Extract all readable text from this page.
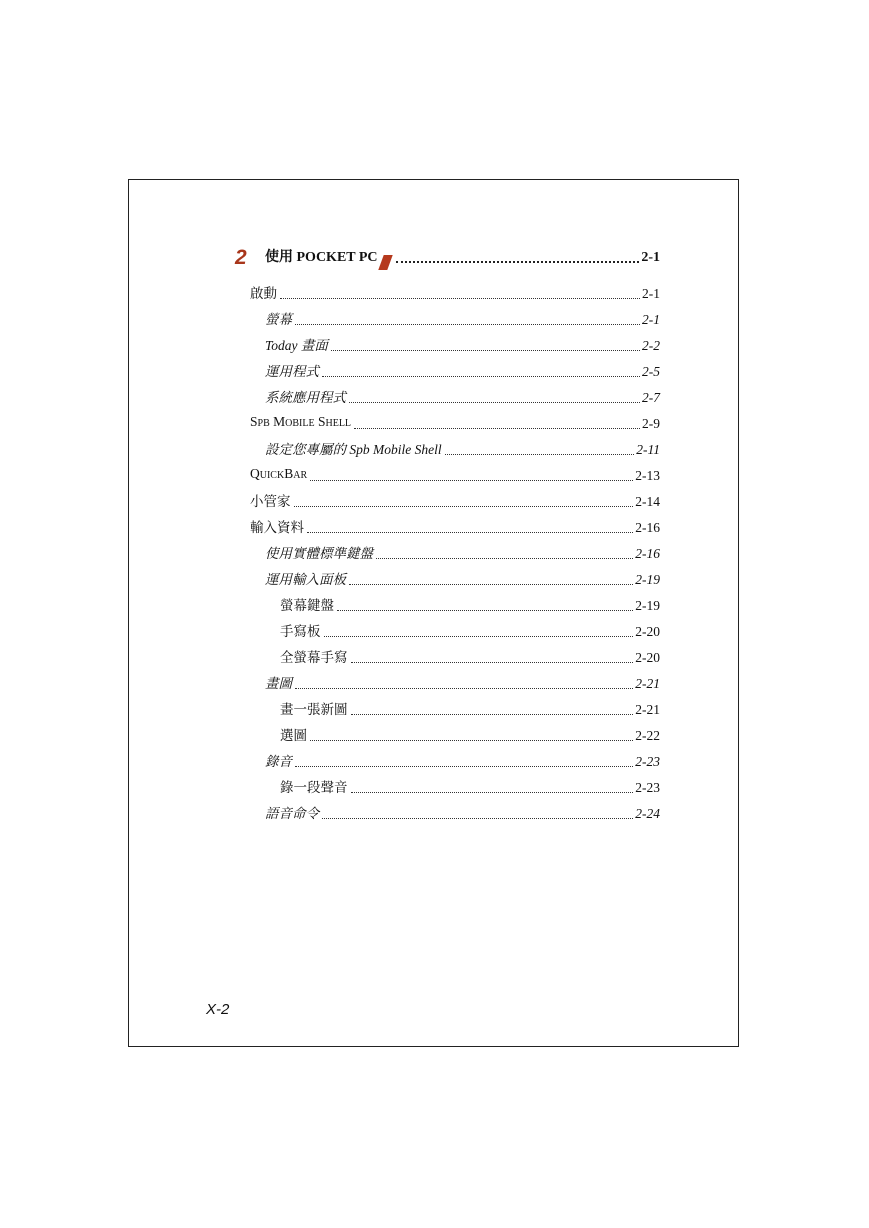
2	使用 POCKET PC	2-1
啟動	2-1
螢幕	2-1
Today 畫面	2-2
運用程式	2-5
系統應用程式	2-7
SPB MOBILE SHELL	2-9
設定您專屬的 Spb Mobile Shell	2-11
QUICKBAR	2-13
小管家	2-14
輸入資料	2-16
使用實體標準鍵盤	2-16
運用輸入面板	2-19
螢幕鍵盤	2-19
手寫板	2-20
全螢幕手寫	2-20
畫圖	2-21
畫一張新圖	2-21
選圖	2-22
錄音	2-23
錄一段聲音	2-23
語音命令	2-24
X-2
